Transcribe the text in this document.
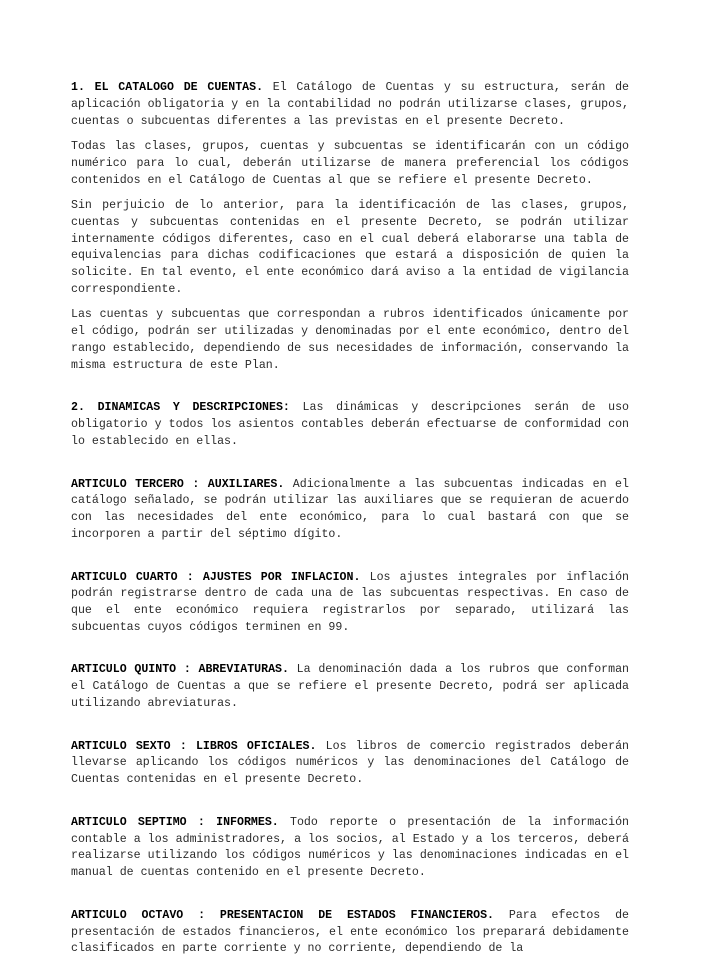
1. EL CATALOGO DE CUENTAS. El Catálogo de Cuentas y su estructura, serán de aplicación obligatoria y en la contabilidad no podrán utilizarse clases, grupos, cuentas o subcuentas diferentes a las previstas en el presente Decreto.

Todas las clases, grupos, cuentas y subcuentas se identificarán con un código numérico para lo cual, deberán utilizarse de manera preferencial los códigos contenidos en el Catálogo de Cuentas al que se refiere el presente Decreto.

Sin perjuicio de lo anterior, para la identificación de las clases, grupos, cuentas y subcuentas contenidas en el presente Decreto, se podrán utilizar internamente códigos diferentes, caso en el cual deberá elaborarse una tabla de equivalencias para dichas codificaciones que estará a disposición de quien la solicite. En tal evento, el ente económico dará aviso a la entidad de vigilancia correspondiente.

Las cuentas y subcuentas que correspondan a rubros identificados únicamente por el código, podrán ser utilizadas y denominadas por el ente económico, dentro del rango establecido, dependiendo de sus necesidades de información, conservando la misma estructura de este Plan.

2. DINAMICAS Y DESCRIPCIONES: Las dinámicas y descripciones serán de uso obligatorio y todos los asientos contables deberán efectuarse de conformidad con lo establecido en ellas.

ARTICULO TERCERO : AUXILIARES. Adicionalmente a las subcuentas indicadas en el catálogo señalado, se podrán utilizar las auxiliares que se requieran de acuerdo con las necesidades del ente económico, para lo cual bastará con que se incorporen a partir del séptimo dígito.

ARTICULO CUARTO : AJUSTES POR INFLACION. Los ajustes integrales por inflación podrán registrarse dentro de cada una de las subcuentas respectivas. En caso de que el ente económico requiera registrarlos por separado, utilizará las subcuentas cuyos códigos terminen en 99.

ARTICULO QUINTO : ABREVIATURAS. La denominación dada a los rubros que conforman el Catálogo de Cuentas a que se refiere el presente Decreto, podrá ser aplicada utilizando abreviaturas.

ARTICULO SEXTO : LIBROS OFICIALES. Los libros de comercio registrados deberán llevarse aplicando los códigos numéricos y las denominaciones del Catálogo de Cuentas contenidas en el presente Decreto.

ARTICULO SEPTIMO : INFORMES. Todo reporte o presentación de la información contable a los administradores, a los socios, al Estado y a los terceros, deberá realizarse utilizando los códigos numéricos y las denominaciones indicadas en el manual de cuentas contenido en el presente Decreto.

ARTICULO OCTAVO : PRESENTACION DE ESTADOS FINANCIEROS. Para efectos de presentación de estados financieros, el ente económico los preparará debidamente clasificados en parte corriente y no corriente, dependiendo de la
